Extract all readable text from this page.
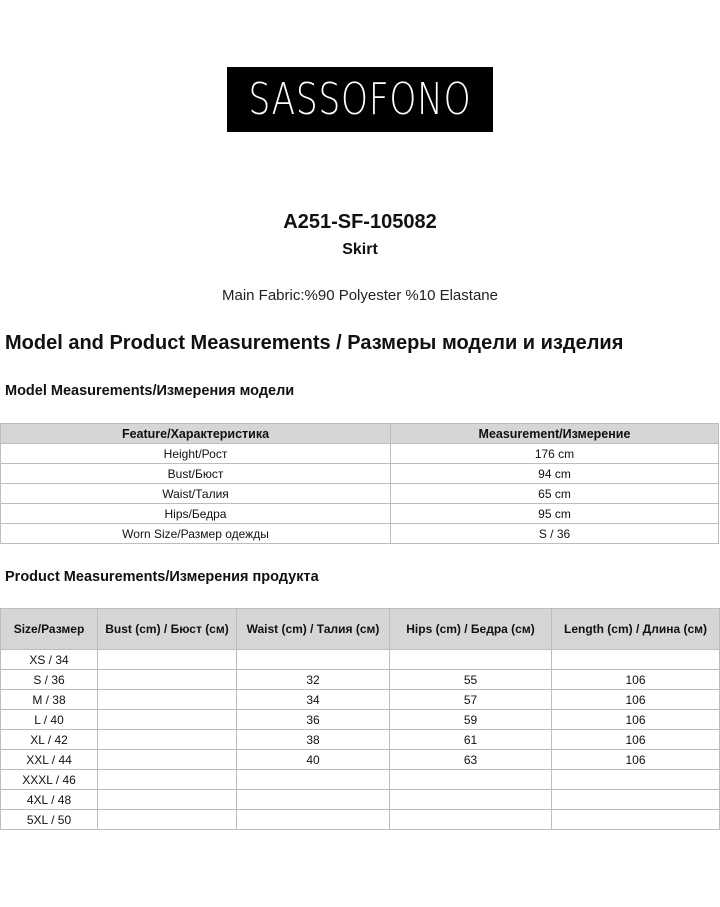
SASSOFONO
A251-SF-105082
Skirt
Main Fabric:%90 Polyester %10 Elastane
Model and Product Measurements / Размеры модели и изделия
Model Measurements/Измерения модели
Feature/Характеристика	Measurement/Измерение
Height/Рост	176 cm
Bust/Бюст	94 cm
Waist/Талия	65 cm
Hips/Бедра	95 cm
Worn Size/Размер одежды	S / 36
Product Measurements/Измерения продукта
Size/Размер	Bust (cm) / Бюст (см)	Waist (cm) / Талия (см)	Hips (cm) / Бедра (см)	Length (cm) / Длина (см)
XS / 34				
S / 36		32	55	106
M / 38		34	57	106
L / 40		36	59	106
XL / 42		38	61	106
XXL / 44		40	63	106
XXXL / 46				
4XL / 48				
5XL / 50				
